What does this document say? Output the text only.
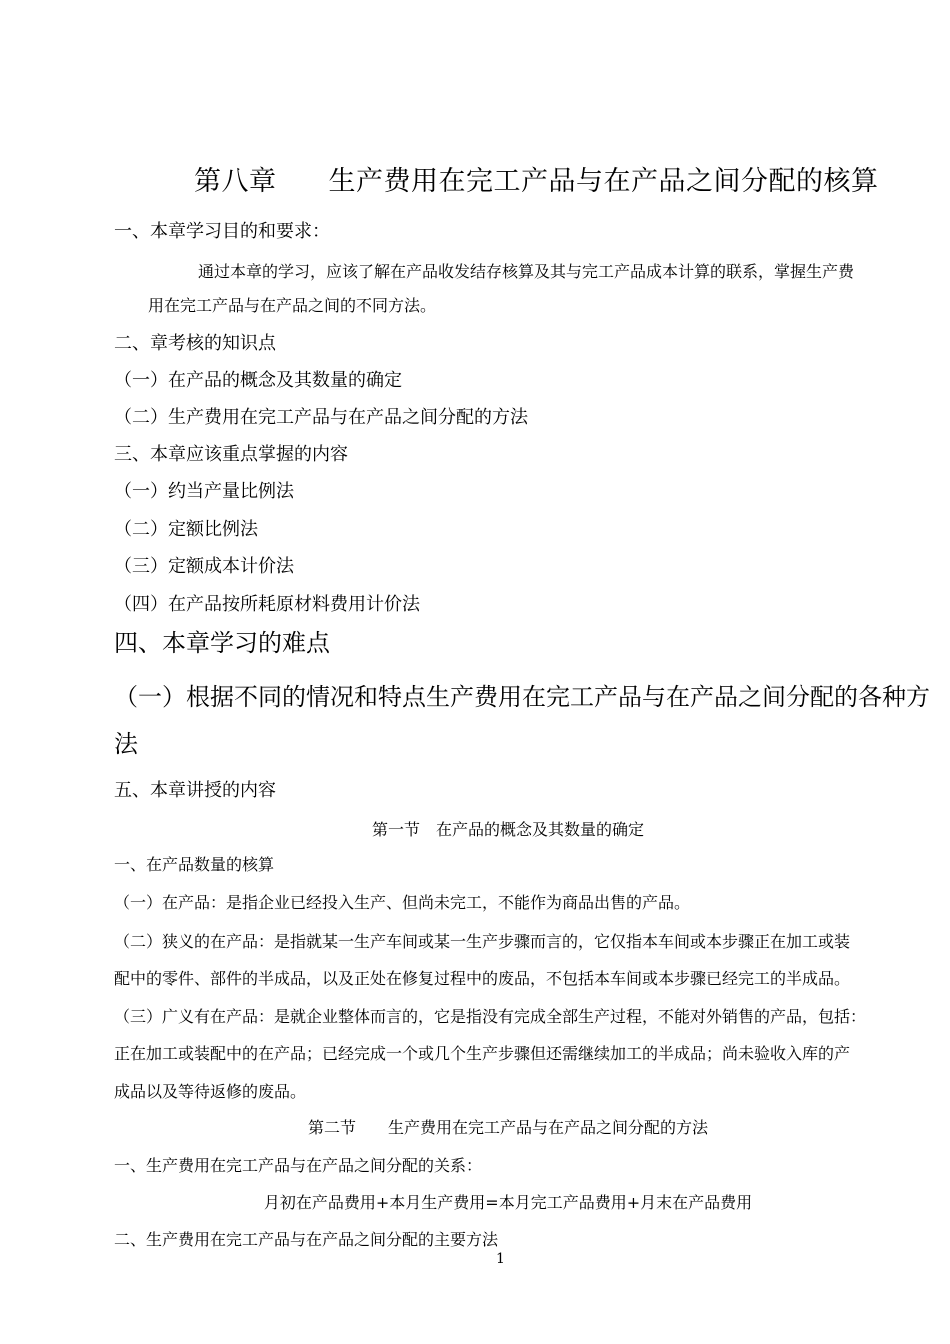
第八章 生产费用在完工产品与在产品之间分配的核算
一、本章学习目的和要求：
通过本章的学习，应该了解在产品收发结存核算及其与完工产品成本计算的联系，掌握生产费
用在完工产品与在产品之间的不同方法。
二、章考核的知识点
（一）在产品的概念及其数量的确定
（二）生产费用在完工产品与在产品之间分配的方法
三、本章应该重点掌握的内容
（一）约当产量比例法
（二）定额比例法
（三）定额成本计价法
（四）在产品按所耗原材料费用计价法
四、本章学习的难点
（一）根据不同的情况和特点生产费用在完工产品与在产品之间分配的各种方
法
五、本章讲授的内容
第一节　在产品的概念及其数量的确定
一、在产品数量的核算
（一）在产品：是指企业已经投入生产、但尚未完工，不能作为商品出售的产品。
（二）狭义的在产品：是指就某一生产车间或某一生产步骤而言的，它仅指本车间或本步骤正在加工或装
配中的零件、部件的半成品，以及正处在修复过程中的废品，不包括本车间或本步骤已经完工的半成品。
（三）广义有在产品：是就企业整体而言的，它是指没有完成全部生产过程，不能对外销售的产品，包括：
正在加工或装配中的在产品；已经完成一个或几个生产步骤但还需继续加工的半成品；尚未验收入库的产
成品以及等待返修的废品。
第二节　　生产费用在完工产品与在产品之间分配的方法
一、生产费用在完工产品与在产品之间分配的关系：
月初在产品费用+本月生产费用=本月完工产品费用+月末在产品费用
二、生产费用在完工产品与在产品之间分配的主要方法
1
